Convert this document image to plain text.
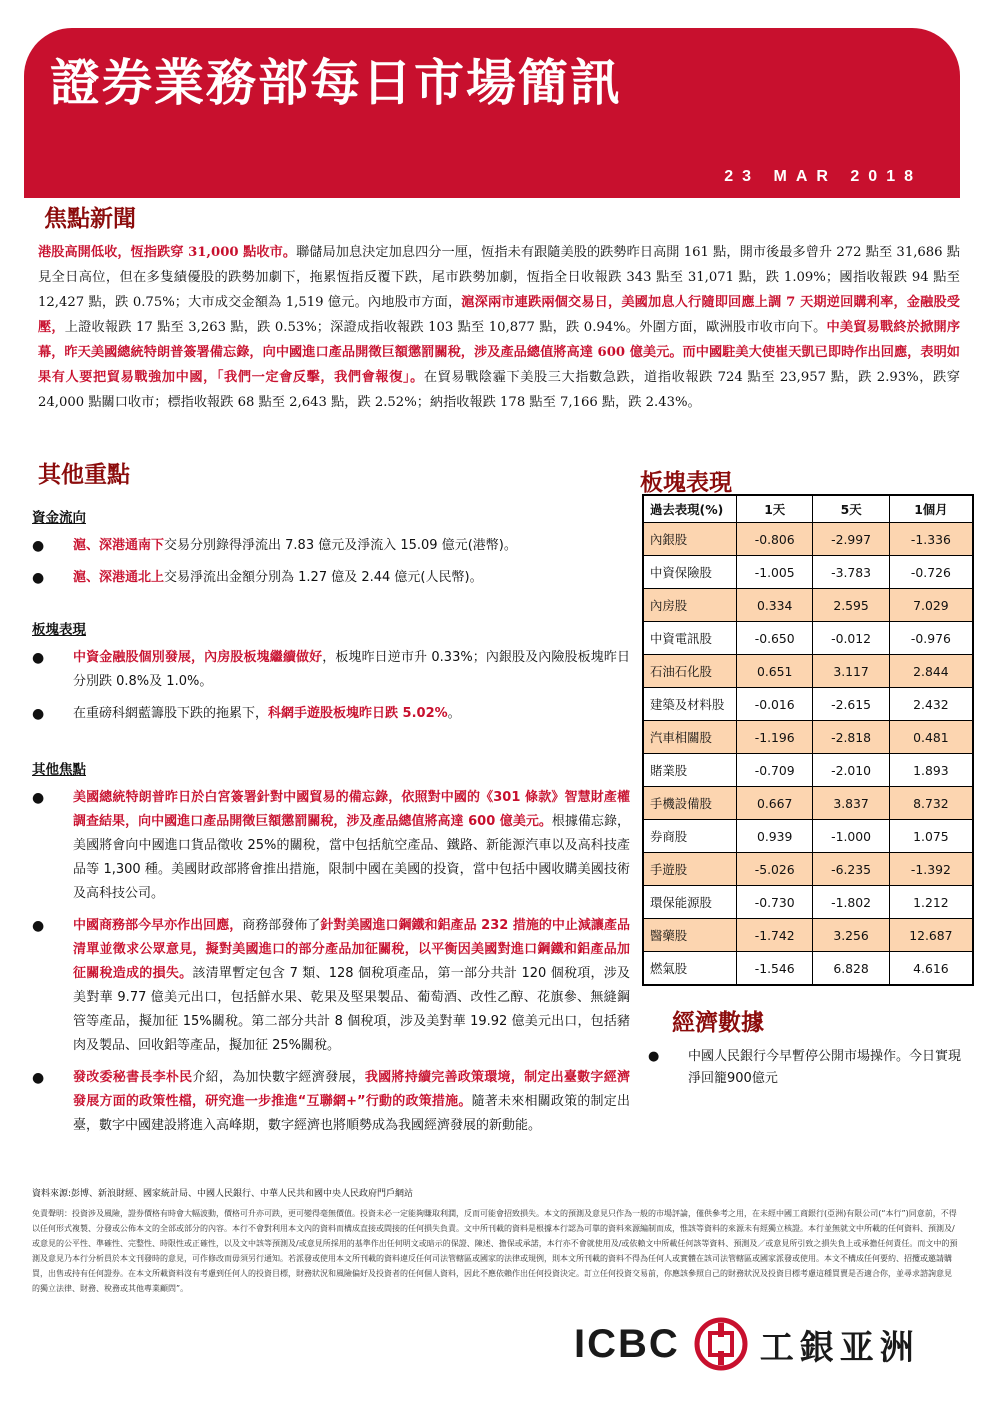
證券業務部每日市場簡訊
23 MAR 2018
焦點新聞
港股高開低收，恆指跌穿 31,000 點收市。聯儲局加息決定加息四分一厘，恆指未有跟隨美股的跌勢昨日高開 161 點，開市後最多曾升 272 點至 31,686 點見全日高位，但在多隻績優股的跌勢加劇下，拖累恆指反覆下跌，尾市跌勢加劇，恆指全日收報跌 343 點至 31,071 點，跌 1.09%；國指收報跌 94 點至 12,427 點，跌 0.75%；大市成交金額為 1,519 億元。內地股市方面，滬深兩市連跌兩個交易日，美國加息人行隨即回應上調 7 天期逆回購利率，金融股受壓，上證收報跌 17 點至 3,263 點，跌 0.53%；深證成指收報跌 103 點至 10,877 點，跌 0.94%。外圍方面，歐洲股市收市向下。中美貿易戰終於掀開序幕，昨天美國總統特朗普簽署備忘錄，向中國進口產品開徵巨額懲罰關稅，涉及產品總值將高達 600 億美元。而中國駐美大使崔天凱已即時作出回應，表明如果有人要把貿易戰強加中國，「我們一定會反擊，我們會報復」。在貿易戰陰霾下美股三大指數急跌，道指收報跌 724 點至 23,957 點，跌 2.93%，跌穿 24,000 點關口收市；標指收報跌 68 點至 2,643 點，跌 2.52%；納指收報跌 178 點至 7,166 點，跌 2.43%。
其他重點
資金流向
● 滬、深港通南下交易分別錄得淨流出 7.83 億元及淨流入 15.09 億元(港幣)。
● 滬、深港通北上交易淨流出金額分別為 1.27 億及 2.44 億元(人民幣)。
板塊表現
● 中資金融股個別發展，內房股板塊繼續做好，板塊昨日逆市升 0.33%；內銀股及內險股板塊昨日分別跌 0.8%及 1.0%。
● 在重磅科網藍籌股下跌的拖累下，科網手遊股板塊昨日跌 5.02%。
其他焦點
● 美國總統特朗普昨日於白宮簽署針對中國貿易的備忘錄，依照對中國的《301 條款》智慧財產權調查結果，向中國進口產品開徵巨額懲罰關稅，涉及產品總值將高達 600 億美元。根據備忘錄，美國將會向中國進口貨品徵收 25%的關稅，當中包括航空產品、鐵路、新能源汽車以及高科技產品等 1,300 種。美國財政部將會推出措施，限制中國在美國的投資，當中包括中國收購美國技術及高科技公司。
● 中國商務部今早亦作出回應，商務部發佈了針對美國進口鋼鐵和鋁產品 232 措施的中止減讓產品清單並徵求公眾意見，擬對美國進口的部分產品加征關稅，以平衡因美國對進口鋼鐵和鋁產品加征關稅造成的損失。該清單暫定包含 7 類、128 個稅項產品，第一部分共計 120 個稅項，涉及美對華 9.77 億美元出口，包括鮮水果、乾果及堅果製品、葡萄酒、改性乙醇、花旗參、無縫鋼管等產品，擬加征 15%關稅。第二部分共計 8 個稅項，涉及美對華 19.92 億美元出口，包括豬肉及製品、回收鋁等產品，擬加征 25%關稅。
● 發改委秘書長李朴民介紹，為加快數字經濟發展，我國將持續完善政策環境，制定出臺數字經濟發展方面的政策性檔，研究進一步推進“互聯網+”行動的政策措施。隨著未來相關政策的制定出臺，數字中國建設將進入高峰期，數字經濟也將順勢成為我國經濟發展的新動能。
板塊表現
過去表現(%)	1天	5天	1個月
內銀股	-0.806	-2.997	-1.336
中資保險股	-1.005	-3.783	-0.726
內房股	0.334	2.595	7.029
中資電訊股	-0.650	-0.012	-0.976
石油石化股	0.651	3.117	2.844
建築及材料股	-0.016	-2.615	2.432
汽車相關股	-1.196	-2.818	0.481
賭業股	-0.709	-2.010	1.893
手機設備股	0.667	3.837	8.732
券商股	0.939	-1.000	1.075
手遊股	-5.026	-6.235	-1.392
環保能源股	-0.730	-1.802	1.212
醫藥股	-1.742	3.256	12.687
燃氣股	-1.546	6.828	4.616
經濟數據
●	中國人民銀行今早暫停公開市場操作。今日實現淨回籠900億元
資料來源:彭博、新浪財經、國家統計局、中國人民銀行、中華人民共和國中央人民政府門戶網站
免責聲明：投資涉及風險，證券價格有時會大幅波動，價格可升亦可跌，更可變得毫無價值。投資未必一定能夠賺取利潤，反而可能會招致損失。本文的預測及意見只作為一般的市場評論，僅供參考之用，在未經中國工商銀行(亞洲)有限公司(“本行”)同意前，不得以任何形式複製、分發或公佈本文的全部或部分的內容。本行不會對利用本文內的資料而構成直接或間接的任何損失負責。文中所刊載的資料是根據本行認為可靠的資料來源編制而成，惟該等資料的來源未有經獨立核證。本行並無就文中所載的任何資料、預測及/或意見的公平性、準確性、完整性、時限性或正確性，以及文中該等預測及/或意見所採用的基準作出任何明文或暗示的保證、陳述、擔保或承諾，本行亦不會就使用及/或依賴文中所載任何該等資料、預測及／或意見所引致之損失負上或承擔任何責任。而文中的預測及意見乃本行分析員於本文刊發時的意見，可作修改而毋須另行通知。若派發或使用本文所刊載的資料違反任何司法管轄區或國家的法律或規例，則本文所刊載的資料不得為任何人或實體在該司法管轄區或國家派發或使用。本文不構成任何要約、招攬或邀請購買，出售或持有任何證券。在本文所載資料沒有考慮到任何人的投資目標，財務狀況和風險偏好及投資者的任何個人資料，因此不應依賴作出任何投資決定。訂立任何投資交易前，你應該參照自己的財務狀況及投資目標考慮這種買賣是否適合你，並尋求諮詢意見的獨立法律、財務、稅務或其他專業顧問”。
ICBC 工銀亚洲
